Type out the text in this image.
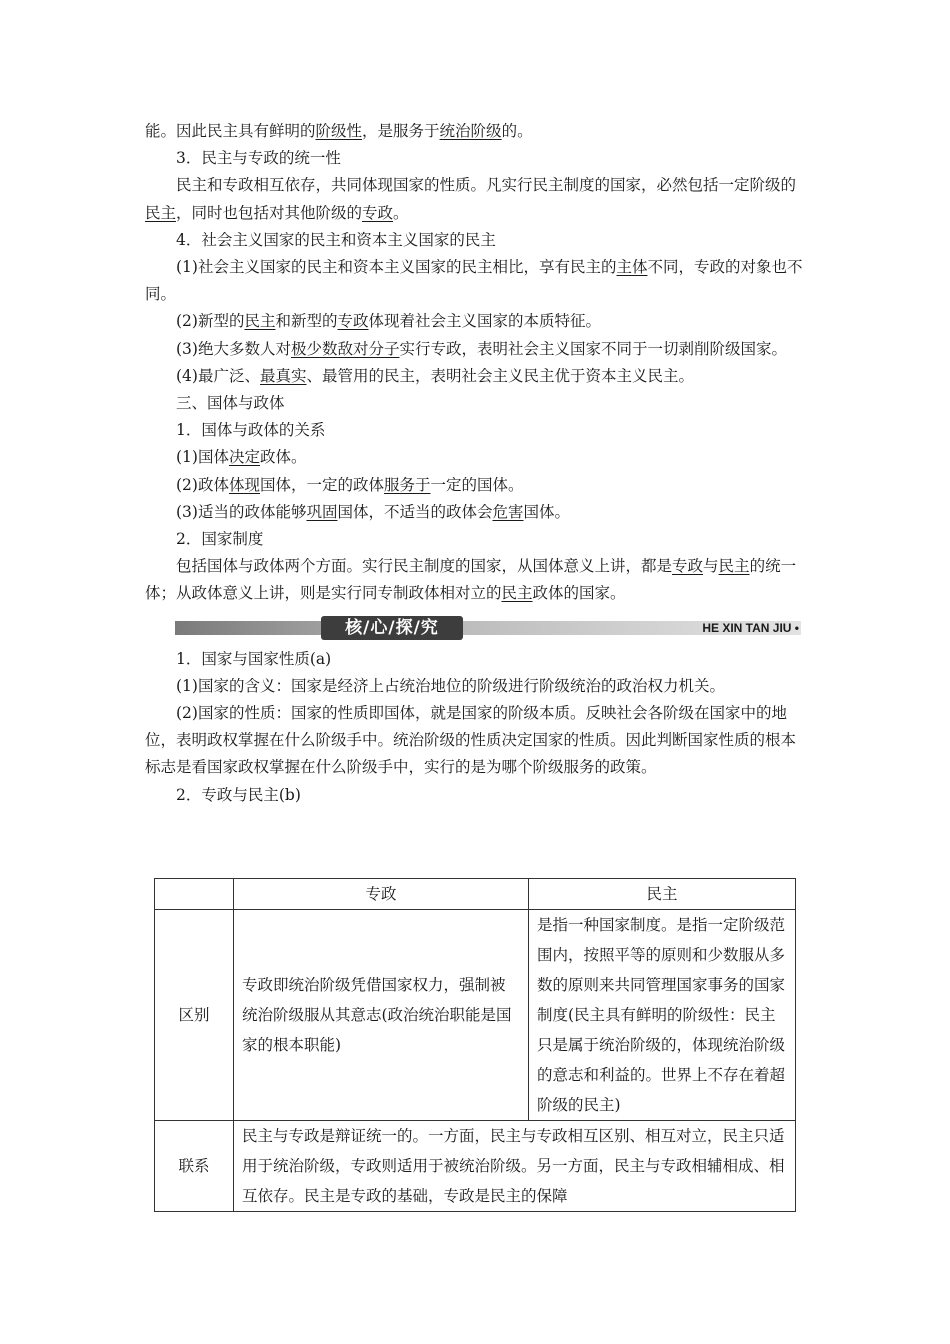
能。因此民主具有鲜明的阶级性，是服务于统治阶级的。

3．民主与专政的统一性

民主和专政相互依存，共同体现国家的性质。凡实行民主制度的国家，必然包括一定阶级的民主，同时也包括对其他阶级的专政。

4．社会主义国家的民主和资本主义国家的民主

(1)社会主义国家的民主和资本主义国家的民主相比，享有民主的主体不同，专政的对象也不同。

(2)新型的民主和新型的专政体现着社会主义国家的本质特征。

(3)绝大多数人对极少数敌对分子实行专政，表明社会主义国家不同于一切剥削阶级国家。

(4)最广泛、最真实、最管用的民主，表明社会主义民主优于资本主义民主。

三、国体与政体

1．国体与政体的关系

(1)国体决定政体。

(2)政体体现国体，一定的政体服务于一定的国体。

(3)适当的政体能够巩固国体，不适当的政体会危害国体。

2．国家制度

包括国体与政体两个方面。实行民主制度的国家，从国体意义上讲，都是专政与民主的统一体；从政体意义上讲，则是实行同专制政体相对立的民主政体的国家。

核/心/探/究	HE XIN TAN JIU •

1．国家与国家性质(a)

(1)国家的含义：国家是经济上占统治地位的阶级进行阶级统治的政治权力机关。

(2)国家的性质：国家的性质即国体，就是国家的阶级本质。反映社会各阶级在国家中的地位，表明政权掌握在什么阶级手中。统治阶级的性质决定国家的性质。因此判断国家性质的根本标志是看国家政权掌握在什么阶级手中，实行的是为哪个阶级服务的政策。

2．专政与民主(b)

	专政	民主
区别	专政即统治阶级凭借国家权力，强制被统治阶级服从其意志(政治统治职能是国家的根本职能)	是指一种国家制度。是指一定阶级范围内，按照平等的原则和少数服从多数的原则来共同管理国家事务的国家制度(民主具有鲜明的阶级性：民主只是属于统治阶级的，体现统治阶级的意志和利益的。世界上不存在着超阶级的民主)
联系	民主与专政是辩证统一的。一方面，民主与专政相互区别、相互对立，民主只适用于统治阶级，专政则适用于被统治阶级。另一方面，民主与专政相辅相成、相互依存。民主是专政的基础，专政是民主的保障	
